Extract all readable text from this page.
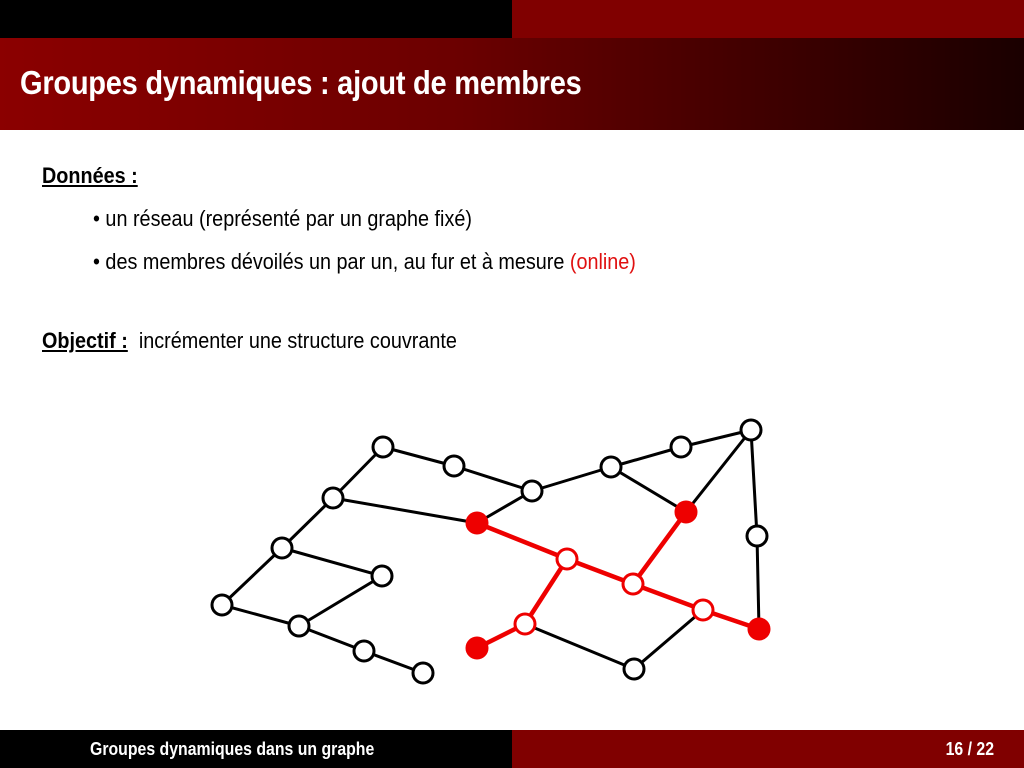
Groupes dynamiques : ajout de membres
Données :
• un réseau (représenté par un graphe fixé)
• des membres dévoilés un par un, au fur et à mesure (online)
Objectif : incrémenter une structure couvrante
Groupes dynamiques dans un graphe	16 / 22
